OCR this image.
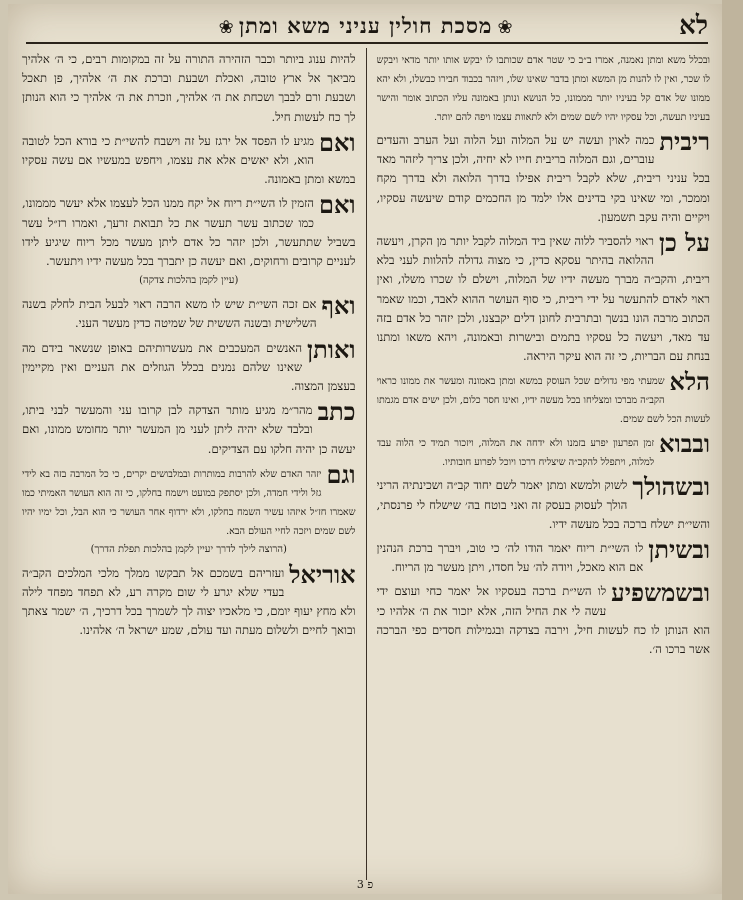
לא
❀ מסכת חולין עניני משא ומתן ❀
ובכלל משא ומתן נאמנה, אמרו ב״ב כי שטר אדם שכותבו לו יבקש אותו יותר מדאי ויבקש לו שכר, ואין לו להנות מן המשא ומתן בדבר שאינו שלו, ויזהר בכבוד חבירו כבשלו, ולא יהא ממונו של אדם קל בעיניו יותר מממונו, כל הנושא ונותן באמונה עליו הכתוב אומר והישר בעיניו תעשה, וכל עסקיו יהיו לשם שמים ולא לתאוות עצמו ויפה להם יותר.
ריבית
כמה לאוין ועשה יש על המלוה ועל הלוה ועל הערב והעדים עוברים, וגם המלוה בריבית חייו לא יחיה, ולכן צריך ליזהר מאד בכל עניני ריבית, שלא לקבל ריבית אפילו בדרך הלואה ולא בדרך מקח וממכר, ומי שאינו בקי בדינים אלו ילמד מן החכמים קודם שיעשה עסקיו, ויקיים והיה עקב תשמעון.
על כן
ראוי להסביר ללוה שאין ביד המלוה לקבל יותר מן הקרן, ויעשה ההלואה בהיתר עסקא כדין, כי מצוה גדולה להלוות לעני בלא ריבית, והקב״ה מברך מעשה ידיו של המלוה, וישלם לו שכרו משלו, ואין ראוי לאדם להתעשר על ידי ריבית, כי סוף העושר ההוא לאבד, וכמו שאמר הכתוב מרבה הונו בנשך ובתרבית לחונן דלים יקבצנו, ולכן יזהר כל אדם בזה עד מאד, ויעשה כל עסקיו בתמים ובישרות ובאמונה, ויהא משאו ומתנו בנחת עם הבריות, כי זה הוא עיקר היראה.
הלא
שמעתי מפי גדולים שכל העוסק במשא ומתן באמונה ומעשר את ממונו כראוי הקב״ה מברכו ומצליחו בכל מעשה ידיו, ואינו חסר כלום, ולכן ישים אדם מגמתו לעשות הכל לשם שמים.
ובבוא
זמן הפרעון יפרע בזמנו ולא ידחה את המלוה, ויזכור תמיד כי הלוה עבד למלוה, ויתפלל להקב״ה שיצליח דרכו ויוכל לפרוע חובותיו.
ובשהולך
לשוק ולמשא ומתן יאמר לשם יחוד קב״ה ושכינתיה הריני הולך לעסוק בעסק זה ואני בוטח בה׳ שישלח לי פרנסתי, והשי״ת ישלח ברכה בכל מעשה ידיו.
ובשיתן
לו השי״ת ריוח יאמר הודו לה׳ כי טוב, ויברך ברכת הנהנין אם הוא מאכל, ויודה לה׳ על חסדו, ויתן מעשר מן הריוח.
ובשמשפיע
לו השי״ת ברכה בעסקיו אל יאמר כחי ועוצם ידי עשה לי את החיל הזה, אלא יזכור את ה׳ אלהיו כי הוא הנותן לו כח לעשות חיל, וירבה בצדקה ובגמילות חסדים כפי הברכה אשר ברכו ה׳.
להיות ענוג ביותר וכבר הזהירה התורה על זה במקומות רבים, כי ה׳ אלהיך מביאך אל ארץ טובה, ואכלת ושבעת וברכת את ה׳ אלהיך, פן תאכל ושבעת ורם לבבך ושכחת את ה׳ אלהיך, וזכרת את ה׳ אלהיך כי הוא הנותן לך כח לעשות חיל.
ואם
מגיע לו הפסד אל ירגז על זה וישבח להשי״ת כי בורא הכל לטובה הוא, ולא יאשים אלא את עצמו, ויחפש במעשיו אם עשה עסקיו במשא ומתן באמונה.
ואם
הזמין לו השי״ת ריוח אל יקח ממנו הכל לעצמו אלא יעשר מממונו, כמו שכתוב עשר תעשר את כל תבואת זרעך, ואמרו רז״ל עשר בשביל שתתעשר, ולכן יזהר כל אדם ליתן מעשר מכל ריוח שיגיע לידו לעניים קרובים ורחוקים, ואם יעשה כן יתברך בכל מעשה ידיו ויתעשר.
(עיין לקמן בהלכות צדקה)
ואף
אם זכה השי״ת שיש לו משא הרבה ראוי לבעל הבית לחלק בשנה השלישית ובשנה הששית של שמיטה כדין מעשר העני.
ואותן
האנשים המעכבים את מעשרותיהם באופן שנשאר בידם מה שאינו שלהם נמנים בכלל הגוזלים את העניים ואין מקיימין בעצמן המצוה.
כתב
מהר״מ מגיע מותר הצדקה לבן קרובו עני והמעשר לבני ביתו, ובלבד שלא יהיה ליתן לעני מן המעשר יותר מחומש ממונו, ואם יעשה כן יהיה חלקו עם הצדיקים.
וגם
יזהר האדם שלא להרבות במותרות ובמלבושים יקרים, כי כל המרבה בזה בא לידי גזל ולידי חמדה, ולכן יסתפק במועט וישמח בחלקו, כי זה הוא העושר האמיתי כמו שאמרו חז״ל איזהו עשיר השמח בחלקו, ולא ירדוף אחר העושר כי הוא הבל, וכל ימיו יהיו לשם שמים ויזכה לחיי העולם הבא.
(הרוצה לילך לדרך יעיין לקמן בהלכות תפלת הדרך)
אוריאל
ועזריהם בשמכם אל תבקשו ממלך מלכי המלכים הקב״ה בעדי שלא יגרע לי שום מקרה רע, לא תפחד מפחד לילה ולא מחץ יעוף יומם, כי מלאכיו יצוה לך לשמרך בכל דרכיך, ה׳ ישמר צאתך ובואך לחיים ולשלום מעתה ועד עולם, שמע ישראל ה׳ אלהינו.
3 פ
